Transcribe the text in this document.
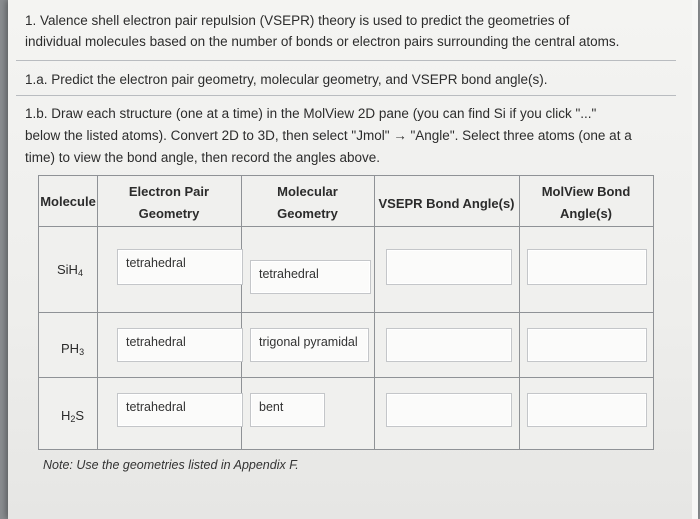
1. Valence shell electron pair repulsion (VSEPR) theory is used to predict the geometries of
individual molecules based on the number of bonds or electron pairs surrounding the central atoms.
1.a. Predict the electron pair geometry, molecular geometry, and VSEPR bond angle(s).
1.b. Draw each structure (one at a time) in the MolView 2D pane (you can find Si if you click "..."
below the listed atoms). Convert 2D to 3D, then select "Jmol" → "Angle". Select three atoms (one at a
time) to view the bond angle, then record the angles above.
Molecule
Electron Pair
Geometry
Molecular
Geometry
VSEPR Bond Angle(s)
MolView Bond
Angle(s)
SiH$_4$
tetrahedral
tetrahedral
$PH_3$
tetrahedral	trigonal pyramidal
$H_2S$
tetrahedral	bent
Note: Use the geometries listed in Appendix F.
